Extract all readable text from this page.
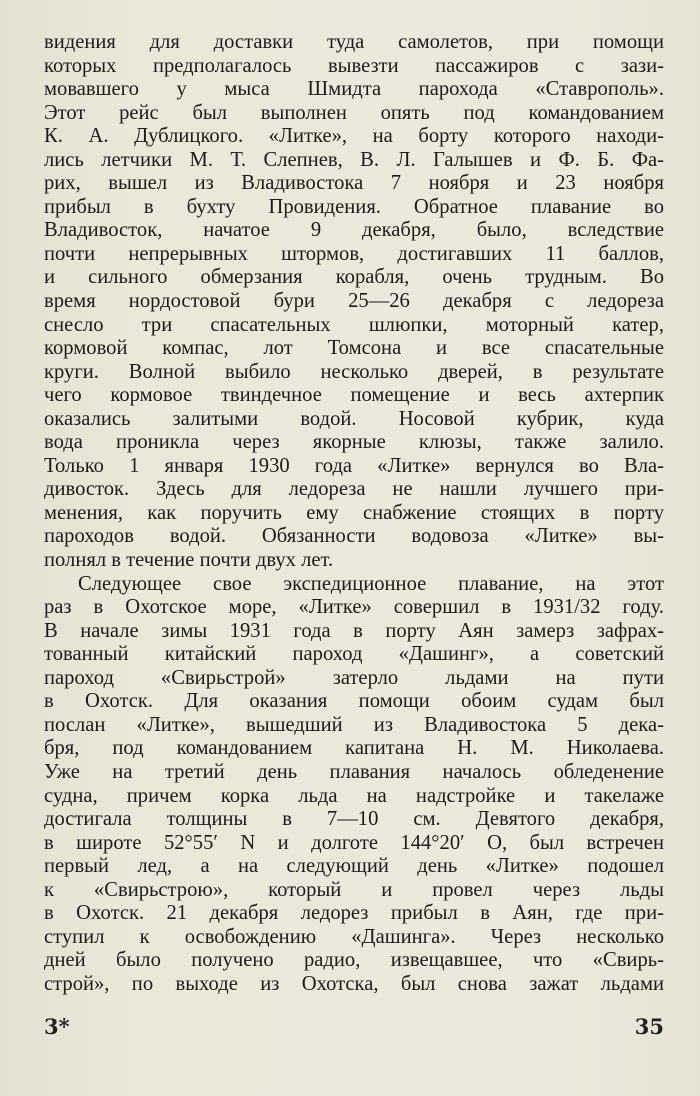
видения для доставки туда самолетов, при помощи
которых предполагалось вывезти пассажиров с зази-
мовавшего у мыса Шмидта парохода «Ставрополь».
Этот рейс был выполнен опять под командованием
К. А. Дублицкого. «Литке», на борту которого находи-
лись летчики М. Т. Слепнев, В. Л. Галышев и Ф. Б. Фа-
рих, вышел из Владивостока 7 ноября и 23 ноября
прибыл в бухту Провидения. Обратное плавание во
Владивосток, начатое 9 декабря, было, вследствие
почти непрерывных штормов, достигавших 11 баллов,
и сильного обмерзания корабля, очень трудным. Во
время нордостовой бури 25—26 декабря с ледореза
снесло три спасательных шлюпки, моторный катер,
кормовой компас, лот Томсона и все спасательные
круги. Волной выбило несколько дверей, в результате
чего кормовое твиндечное помещение и весь ахтерпик
оказались залитыми водой. Носовой кубрик, куда
вода проникла через якорные клюзы, также залило.
Только 1 января 1930 года «Литке» вернулся во Вла-
дивосток. Здесь для ледореза не нашли лучшего при-
менения, как поручить ему снабжение стоящих в порту
пароходов водой. Обязанности водовоза «Литке» вы-
полнял в течение почти двух лет.
Следующее свое экспедиционное плавание, на этот
раз в Охотское море, «Литке» совершил в 1931/32 году.
В начале зимы 1931 года в порту Аян замерз зафрах-
тованный китайский пароход «Дашинг», а советский
пароход «Свирьстрой» затерло льдами на пути
в Охотск. Для оказания помощи обоим судам был
послан «Литке», вышедший из Владивостока 5 дека-
бря, под командованием капитана Н. М. Николаева.
Уже на третий день плавания началось обледенение
судна, причем корка льда на надстройке и такелаже
достигала толщины в 7—10 см. Девятого декабря,
в широте 52°55′ N и долготе 144°20′ О, был встречен
первый лед, а на следующий день «Литке» подошел
к «Свирьстрою», который и провел через льды
в Охотск. 21 декабря ледорез прибыл в Аян, где при-
ступил к освобождению «Дашинга». Через несколько
дней было получено радио, извещавшее, что «Свирь-
строй», по выходе из Охотска, был снова зажат льдами
3*	35
